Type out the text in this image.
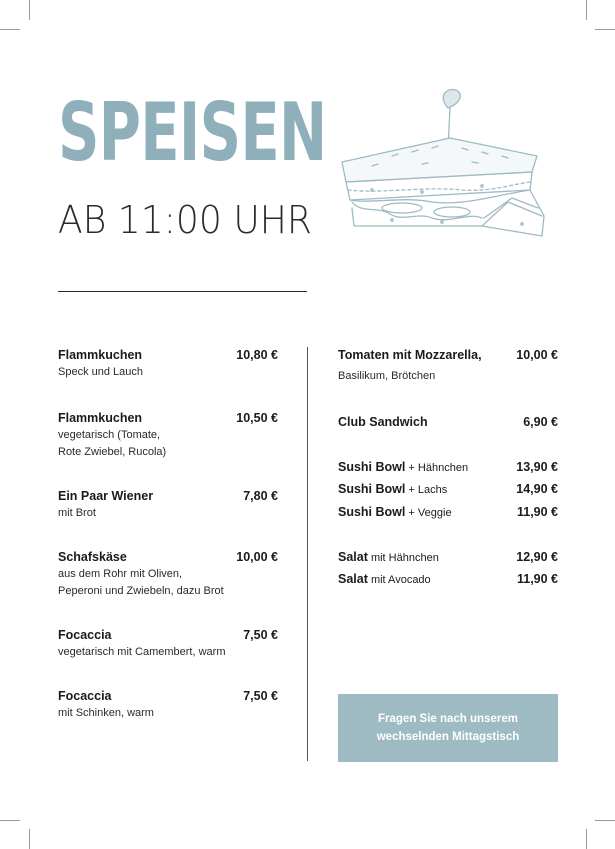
SPEISEN
AB 11:00 UHR
Flammkuchen	10,80 €
Speck und Lauch
Flammkuchen	10,50 €
vegetarisch (Tomate,
Rote Zwiebel, Rucola)
Ein Paar Wiener	7,80 €
mit Brot
Schafskäse	10,00 €
aus dem Rohr mit Oliven,
Peperoni und Zwiebeln, dazu Brot
Focaccia	7,50 €
vegetarisch mit Camembert, warm
Focaccia	7,50 €
mit Schinken, warm
Tomaten mit Mozzarella,	10,00 €
Basilikum, Brötchen
Club Sandwich	6,90 €
Sushi Bowl + Hähnchen	13,90 €
Sushi Bowl + Lachs	14,90 €
Sushi Bowl + Veggie	11,90 €
Salat mit Hähnchen	12,90 €
Salat mit Avocado	11,90 €
Fragen Sie nach unserem
wechselnden Mittagstisch
